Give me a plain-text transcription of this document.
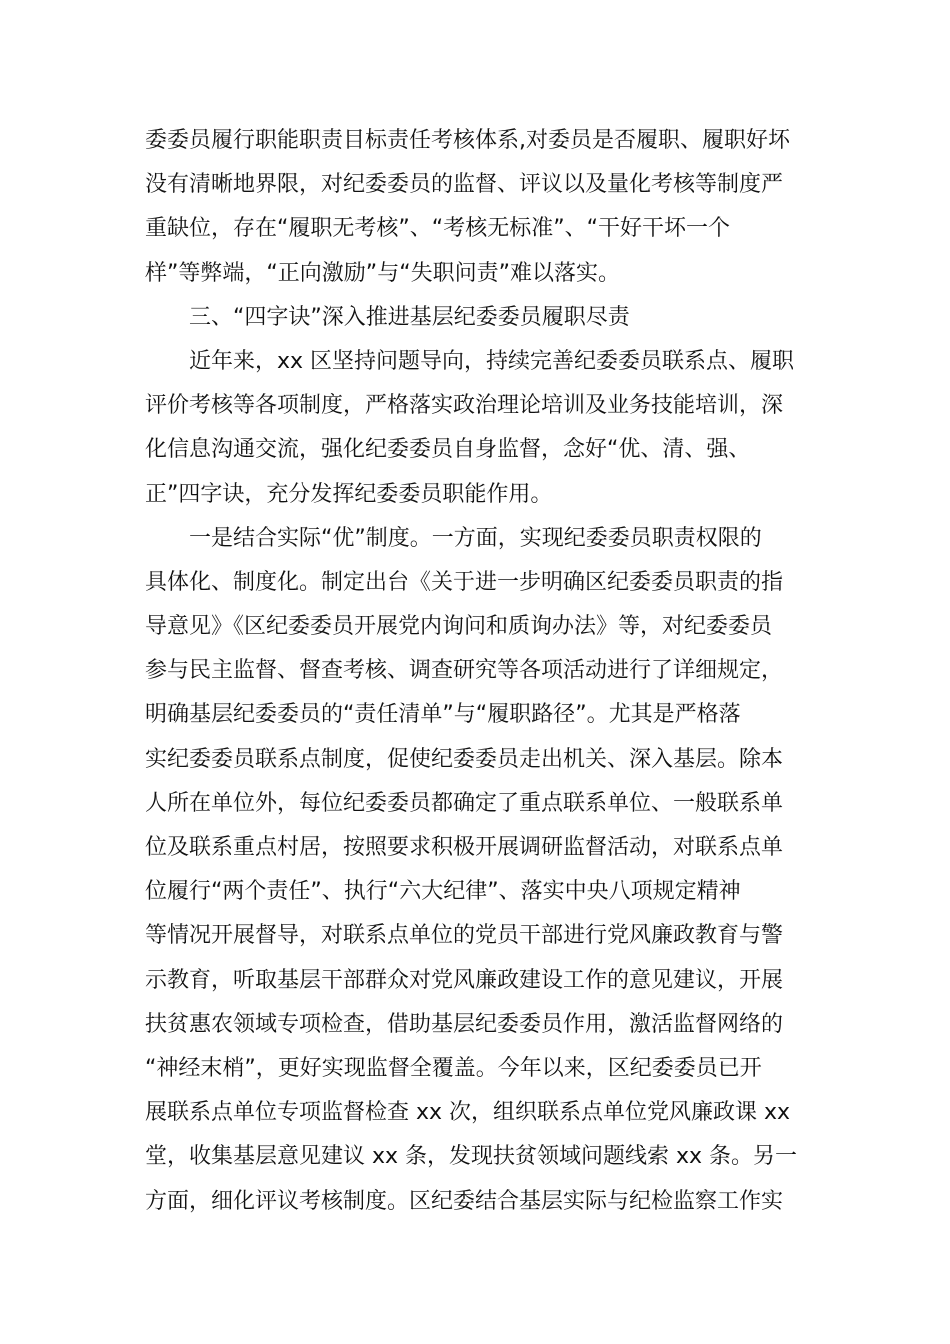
委委员履行职能职责目标责任考核体系,对委员是否履职、履职好坏
没有清晰地界限，对纪委委员的监督、评议以及量化考核等制度严
重缺位，存在“履职无考核”、“考核无标准”、“干好干坏一个
样”等弊端，“正向激励”与“失职问责”难以落实。

三、“四字诀”深入推进基层纪委委员履职尽责

近年来，xx 区坚持问题导向，持续完善纪委委员联系点、履职
评价考核等各项制度，严格落实政治理论培训及业务技能培训，深
化信息沟通交流，强化纪委委员自身监督，念好“优、清、强、
正”四字诀，充分发挥纪委委员职能作用。

一是结合实际“优”制度。一方面，实现纪委委员职责权限的
具体化、制度化。制定出台《关于进一步明确区纪委委员职责的指
导意见》《区纪委委员开展党内询问和质询办法》等，对纪委委员
参与民主监督、督查考核、调查研究等各项活动进行了详细规定，
明确基层纪委委员的“责任清单”与“履职路径”。尤其是严格落
实纪委委员联系点制度，促使纪委委员走出机关、深入基层。除本
人所在单位外，每位纪委委员都确定了重点联系单位、一般联系单
位及联系重点村居，按照要求积极开展调研监督活动，对联系点单
位履行“两个责任”、执行“六大纪律”、落实中央八项规定精神
等情况开展督导，对联系点单位的党员干部进行党风廉政教育与警
示教育，听取基层干部群众对党风廉政建设工作的意见建议，开展
扶贫惠农领域专项检查，借助基层纪委委员作用，激活监督网络的
“神经末梢”，更好实现监督全覆盖。今年以来，区纪委委员已开
展联系点单位专项监督检查 xx 次，组织联系点单位党风廉政课 xx
堂，收集基层意见建议 xx 条，发现扶贫领域问题线索 xx 条。另一
方面，细化评议考核制度。区纪委结合基层实际与纪检监察工作实
